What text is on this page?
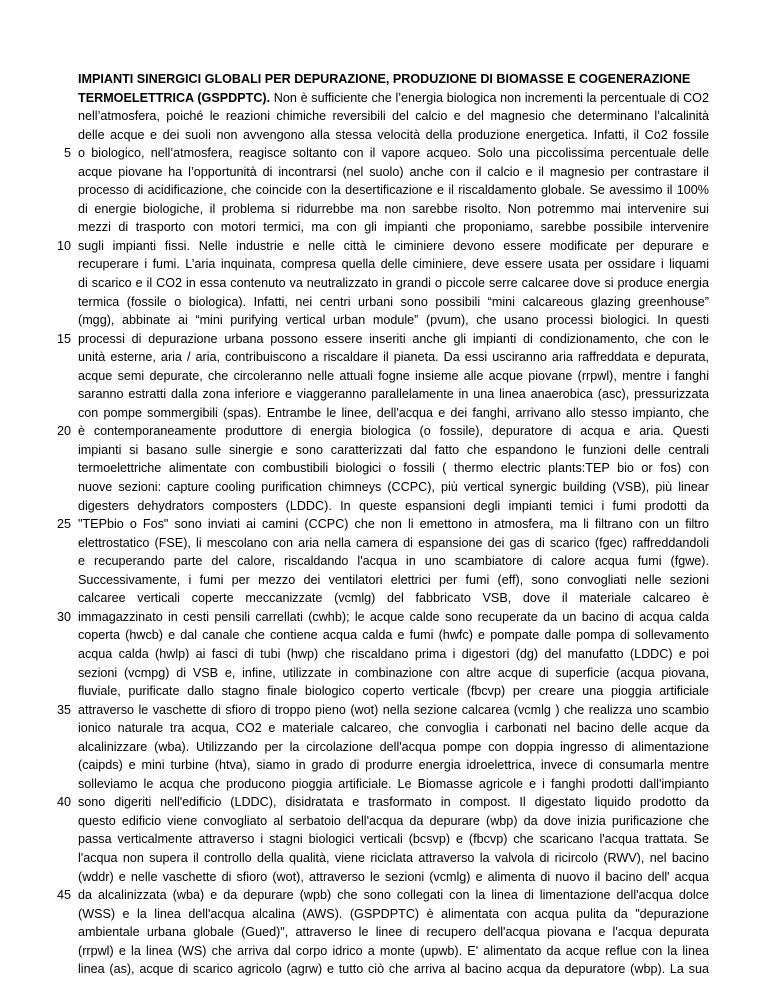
IMPIANTI SINERGICI GLOBALI PER DEPURAZIONE, PRODUZIONE DI BIOMASSE E COGENERAZIONE
TERMOELETTRICA (GSPDPTC). Non è sufficiente che l’energia biologica non incrementi la percentuale di CO2
nell’atmosfera, poiché le reazioni chimiche reversibili del calcio e del magnesio che determinano l’alcalinità
delle acque e dei suoli non avvengono alla stessa velocità della produzione energetica. Infatti, il Co2 fossile
5 o biologico, nell’atmosfera, reagisce soltanto con il vapore acqueo. Solo una piccolissima percentuale delle
acque piovane ha l’opportunità di incontrarsi (nel suolo) anche con il calcio e il magnesio per contrastare il
processo di acidificazione, che coincide con la desertificazione e il riscaldamento globale. Se avessimo il 100%
di energie biologiche, il problema si ridurrebbe ma non sarebbe risolto. Non potremmo mai intervenire sui
mezzi di trasporto con motori termici, ma con gli impianti che proponiamo, sarebbe possibile intervenire
10 sugli impianti fissi. Nelle industrie e nelle città le ciminiere devono essere modificate per depurare e
recuperare i fumi. L’aria inquinata, compresa quella delle ciminiere, deve essere usata per ossidare i liquami
di scarico e il CO2 in essa contenuto va neutralizzato in grandi o piccole serre calcaree dove si produce energia
termica (fossile o biologica). Infatti, nei centri urbani sono possibili “mini calcareous glazing greenhouse”
(mgg), abbinate ai “mini purifying vertical urban module” (pvum), che usano processi biologici. In questi
15 processi di depurazione urbana possono essere inseriti anche gli impianti di condizionamento, che con le
unità esterne, aria / aria, contribuiscono a riscaldare il pianeta. Da essi usciranno aria raffreddata e depurata,
acque semi depurate, che circoleranno nelle attuali fogne insieme alle acque piovane (rrpwl), mentre i fanghi
saranno estratti dalla zona inferiore e viaggeranno parallelamente in una linea anaerobica (asc), pressurizzata
con pompe sommergibili (spas). Entrambe le linee, dell'acqua e dei fanghi, arrivano allo stesso impianto, che
20 è contemporaneamente produttore di energia biologica (o fossile), depuratore di acqua e aria. Questi
impianti si basano sulle sinergie e sono caratterizzati dal fatto che espandono le funzioni delle centrali
termoelettriche alimentate con combustibili biologici o fossili ( thermo electric plants:TEP bio or fos) con
nuove sezioni: capture cooling purification chimneys (CCPC), più vertical synergic building (VSB), più linear
digesters dehydrators composters (LDDC). In queste espansioni degli impianti temici i fumi prodotti da
25 "TEPbio o Fos" sono inviati ai camini (CCPC) che non li emettono in atmosfera, ma li filtrano con un filtro
elettrostatico (FSE), li mescolano con aria nella camera di espansione dei gas di scarico (fgec) raffreddandoli
e recuperando parte del calore, riscaldando l'acqua in uno scambiatore di calore acqua fumi (fgwe).
Successivamente, i fumi per mezzo dei ventilatori elettrici per fumi (eff), sono convogliati nelle sezioni
calcaree verticali coperte meccanizzate (vcmlg) del fabbricato VSB, dove il materiale calcareo è
30 immagazzinato in cesti pensili carrellati (cwhb); le acque calde sono recuperate da un bacino di acqua calda
coperta (hwcb) e dal canale che contiene acqua calda e fumi (hwfc) e pompate dalle pompa di sollevamento
acqua calda (hwlp) ai fasci di tubi (hwp) che riscaldano prima i digestori (dg) del manufatto (LDDC) e poi
sezioni (vcmpg) di VSB e, infine, utilizzate in combinazione con altre acque di superficie (acqua piovana,
fluviale, purificate dallo stagno finale biologico coperto verticale (fbcvp) per creare una pioggia artificiale
35 attraverso le vaschette di sfioro di troppo pieno (wot) nella sezione calcarea (vcmlg ) che realizza uno scambio
ionico naturale tra acqua, CO2 e materiale calcareo, che convoglia i carbonati nel bacino delle acque da
alcalinizzare (wba). Utilizzando per la circolazione dell'acqua pompe con doppia ingresso di alimentazione
(caipds) e mini turbine (htva), siamo in grado di produrre energia idroelettrica, invece di consumarla mentre
solleviamo le acqua che producono pioggia artificiale. Le Biomasse agricole e i fanghi prodotti dall'impianto
40 sono digeriti nell'edificio (LDDC), disidratata e trasformato in compost. Il digestato liquido prodotto da
questo edificio viene convogliato al serbatoio dell'acqua da depurare (wbp) da dove inizia purificazione che
passa verticalmente attraverso i stagni biologici verticali (bcsvp) e (fbcvp) che scaricano l'acqua trattata. Se
l'acqua non supera il controllo della qualità, viene riciclata attraverso la valvola di ricircolo (RWV), nel bacino
(wddr) e nelle vaschette di sfioro (wot), attraverso le sezioni (vcmlg) e alimenta di nuovo il bacino dell' acqua
45 da alcalinizzata (wba) e da depurare (wpb) che sono collegati con la linea di limentazione dell'acqua dolce
(WSS) e la linea dell'acqua alcalina (AWS). (GSPDPTC) è alimentata con acqua pulita da "depurazione
ambientale urbana globale (Gued)", attraverso le linee di recupero dell'acqua piovana e l'acqua depurata
(rrpwl) e la linea (WS) che arriva dal corpo idrico a monte (upwb). E' alimentato da acque reflue con la linea
linea (as), acque di scarico agricolo (agrw) e tutto ciò che arriva al bacino acqua da depuratore (wbp). La sua
